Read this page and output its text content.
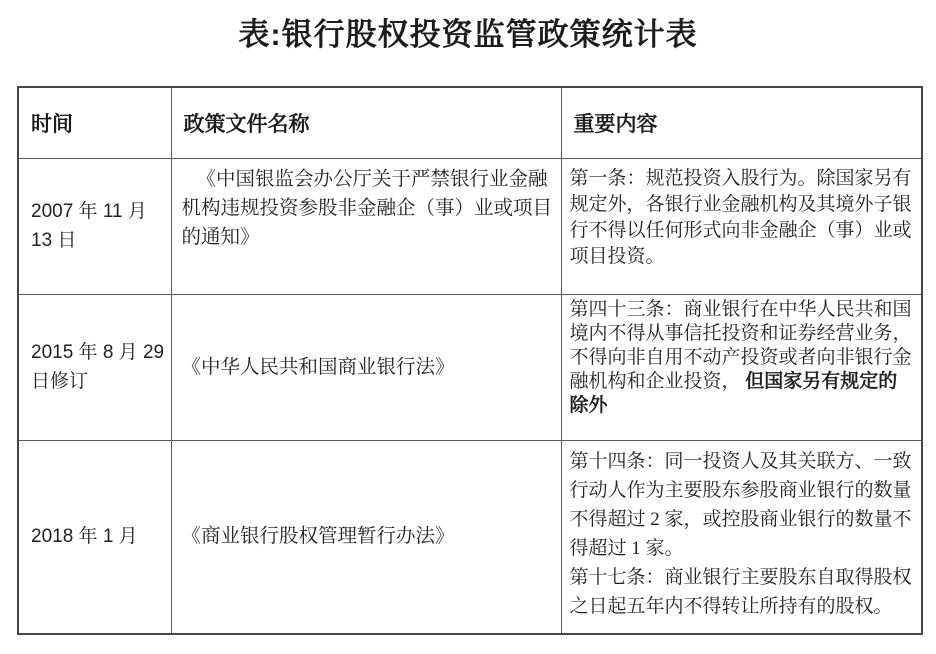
表:银行股权投资监管政策统计表
时间	政策文件名称	重要内容
2007 年 11 月 13 日	《中国银监会办公厅关于严禁银行业金融机构违规投资参股非金融企（事）业或项目的通知》	第一条：规范投资入股行为。除国家另有规定外，各银行业金融机构及其境外子银行不得以任何形式向非金融企（事）业或项目投资。
2015 年 8 月 29 日修订	《中华人民共和国商业银行法》	第四十三条：商业银行在中华人民共和国境内不得从事信托投资和证券经营业务，不得向非自用不动产投资或者向非银行金融机构和企业投资， 但国家另有规定的除外
2018 年 1 月	《商业银行股权管理暂行办法》	第十四条：同一投资人及其关联方、一致行动人作为主要股东参股商业银行的数量不得超过 2 家，或控股商业银行的数量不得超过 1 家。

第十七条：商业银行主要股东自取得股权之日起五年内不得转让所持有的股权。
